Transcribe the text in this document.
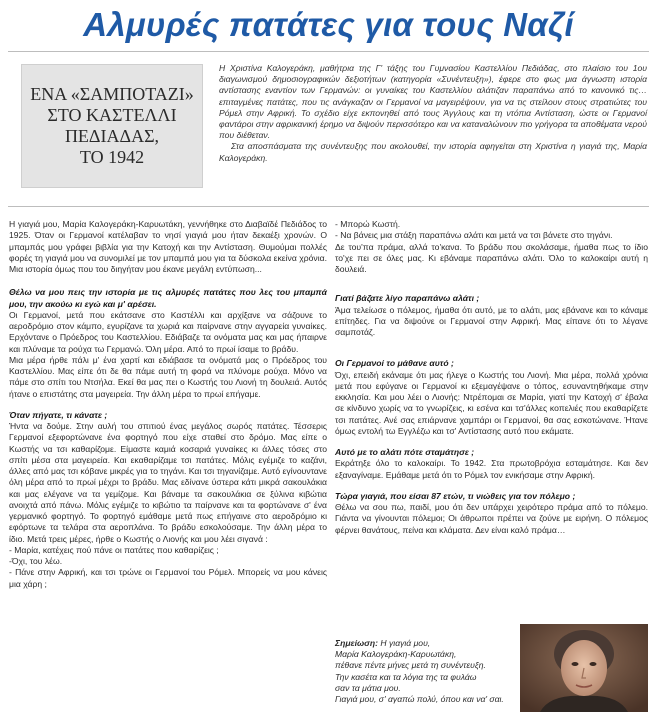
Αλμυρές πατάτες για τους Ναζί
ΕΝΑ «ΣΑΜΠΟΤΑΖΙ»
ΣΤΟ ΚΑΣΤΕΛΛΙ
ΠΕΔΙΑΔΑΣ,
ΤΟ 1942

Η Χριστίνα Καλογεράκη, μαθήτρια της Γ' τάξης του Γυμνασίου Καστελλίου Πεδιάδας, στο πλαίσιο του 1ου διαγωνισμού δημοσιογραφικών δεξιοτήτων (κατηγορία «Συνέντευξη»), έφερε στο φως μια άγνωστη ιστορία αντίστασης εναντίον των Γερμανών: οι γυναίκες του Καστελλίου αλάτιζαν παραπάνω από το κανονικό τις… επιταγμένες πατάτες, που τις ανάγκαζαν οι Γερμανοί να μαγειρέψουν, για να τις στείλουν στους στρατιώτες του Ρόμελ στην Αφρική. Το σχέδιο είχε εκπονηθεί από τους Άγγλους και τη ντόπια Αντίσταση, ώστε οι Γερμανοί φαντάροι στην αφρικανική έρημο να διψούν περισσότερο και να καταναλώνουν πιο γρήγορα τα αποθέματα νερού που διέθεταν.

Στα αποσπάσματα της συνέντευξης που ακολουθεί, την ιστορία αφηγείται στη Χριστίνα η γιαγιά της, Μαρία Καλογεράκη.

Η γιαγιά μου, Μαρία Καλογεράκη-Καρυωτάκη, γεννήθηκε στο Διαβαϊδέ Πεδιάδος το 1925. Όταν οι Γερμανοί κατέλαβαν το νησί γιαγιά μου ήταν δεκαέξι χρονών. Ο μπαμπάς μου γράφει βιβλία για την Κατοχή και την Αντίσταση. Θυμούμαι πολλές φορές τη γιαγιά μου να συνομιλεί με τον μπαμπά μου για τα δύσκολα εκείνα χρόνια. Μια ιστορία όμως που του διηγήταν μου έκανε μεγάλη εντύπωση...

Θέλω να μου πεις την ιστορία με τις αλμυρές πατάτες που λες του μπαμπά μου, την ακούω κι εγώ και μ' αρέσει.

Οι Γερμανοί, μετά που εκάτσανε στο Καστέλλι και αρχίξανε να σάζουνε το αεροδρόμιο στον κάμπο, εγυρίζανε τα χωριά και παίρνανε στην αγγαρεία γυναίκες. Ερχόντανε ο Πρόεδρος του Καστελλίου. Εδιάβαζε τα ονόματα μας και μας ήπαιρνε και πλύναμε τα ρούχα τω Γερμανώ. Όλη μέρα. Από το πρωί ίσαμε το βράδυ.

Μια μέρα ήρθε πάλι μ' ένα χαρτί και εδιάβασε τα ονόματά μας ο Πρόεδρος του Καστελλίου. Μας είπε ότι δε θα πάμε αυτή τη φορά να πλύνομε ρούχα. Μόνο να πάμε στο σπίτι του Ντσήλα. Εκεί θα μας πει ο Κωστής του Λιονή τη δουλειά. Αυτός ήτανε ο επιστάτης στα μαγειρεία. Την άλλη μέρα το πρωί επήγαμε.

Όταν πήγατε, τι κάνατε ;

Ήντα να δούμε. Στην αυλή του σπιτιού ένας μεγάλος σωρός πατάτες. Τέσσερις Γερμανοί εξεφορτώνανε ένα φορτηγό που είχε σταθεί στο δρόμο. Μας είπε ο Κωστής να τσι καθαρίζομε. Είμαστε καμιά κοσαριά γυναίκες κι άλλες τόσες στο σπίτι μέσα στα μαγειρεία. Και εκαθαρίζαμε τσι πατάτες. Μόλις εγέμιζε το καζάνι, άλλες από μας τσι κόβανε μικρές για το τηγάνι. Και τσι τηγανίζαμε. Αυτό εγίνουντανε όλη μέρα από το πρωί μέχρι το βράδυ. Μας εδίνανε ύστερα κάτι μικρά σακουλάκια και μας ελέγανε να τα γεμίζομε. Και βάναμε τα σακουλάκια σε ξύλινα κιβώτια ανοιχτά από πάνω. Μόλις εγέμιζε το κιβώτιο τα παίρνανε και τα φορτώνανε σ' ένα γερμανικό φορτηγό. Το φορτηγό εμάθαμε μετά πως επήγαινε στο αεροδρόμιο κι εφόρτωνε τα τελάρα στα αεροπλάνα. Το βράδυ εσκολούσαμε. Την άλλη μέρα το ίδιο. Μετά τρεις μέρες, ήρθε ο Κωστής ο Λιονής και μου λέει σιγανά :

- Μαρία, κατέχεις πού πάνε οι πατάτες που καθαρίζεις ;

-Όχι, του λέω.

- Πάνε στην Αφρική, και τσι τρώνε οι Γερμανοί του Ρόμελ. Μπορείς να μου κάνεις μια χάρη ;

- Μπορώ Κωστή.

- Να βάνεις μια στάξη παραπάνω αλάτι και μετά να τσι βάνετε στο τηγάνι.

Δε του'πα πράμα, αλλά το'κανα. Το βράδυ που σκολάσαμε, ήμαθα πως το ίδιο το'χε πει σε όλες μας. Κι εβάναμε παραπάνω αλάτι. Όλο το καλοκαίρι αυτή η δουλειά.

Γιατί βάζατε λίγο παραπάνω αλάτι ;

Άμα τελείωσε ο πόλεμος, ήμαθα ότι αυτό, με το αλάτι, μας εβάνανε και το κάναμε επίτηδες. Για να διψούνε οι Γερμανοί στην Αφρική. Μας είπανε ότι το λέγανε σαμποτάζ.

Οι Γερμανοί το μάθανε αυτό ;

Όχι, επειδή εκάναμε ότι μας ήλεγε ο Κωστής του Λιονή. Μια μέρα, πολλά χρόνια μετά που εφύγανε οι Γερμανοί κι εξεμαγέψανε ο τόπος, εσυναντηθήκαμε στην εκκλησία. Και μου λέει ο Λιονής: Ντρέπομαι σε Μαρία, γιατί την Κατοχή σ' έβαλα σε κίνδυνο χωρίς να το γνωρίζεις, κι εσένα και τσ'άλλες κοπελιές που εκαθαρίζετε τσι πατάτες. Ανέ σας επιάρνανε χαμπάρι οι Γερμανοί, θα σας εσκοτώνανε. Ήτανε όμως εντολή τω Εγγλέζω και τσ' Αντίστασης αυτό που εκάματε.

Αυτό με το αλάτι πότε σταμάτησε ;

Εκράτηξε όλο το καλοκαίρι. Το 1942. Στα πρωτοβρόχια εσταμάτησε. Και δεν εξαναγίναμε. Εμάθαμε μετά ότι το Ρόμελ τον ενικήσαμε στην Αφρική.

Τώρα γιαγιά, που είσαι 87 ετών, τι νιώθεις για τον πόλεμο ;

Θέλω να σου πω, παιδί, μου ότι δεν υπάρχει χειρότερο πράμα από το πόλεμο. Γιάντα να γίνουνται πόλεμοι; Οι άθρωποι πρέπει να ζούνε με ειρήνη. Ο πόλεμος φέρνει θανάτους, πείνα και κλάματα. Δεν είναι καλό πράμα…

Σημείωση: Η γιαγιά μου,
Μαρία Καλογεράκη-Καρυωτάκη,
πέθανε πέντε μήνες μετά τη συνέντευξη.
Την κασέτα και τα λόγια της τα φυλάω
σαν τα μάτια μου.
Γιαγιά μου, σ' αγαπώ πολύ, όπου και να' σαι.
